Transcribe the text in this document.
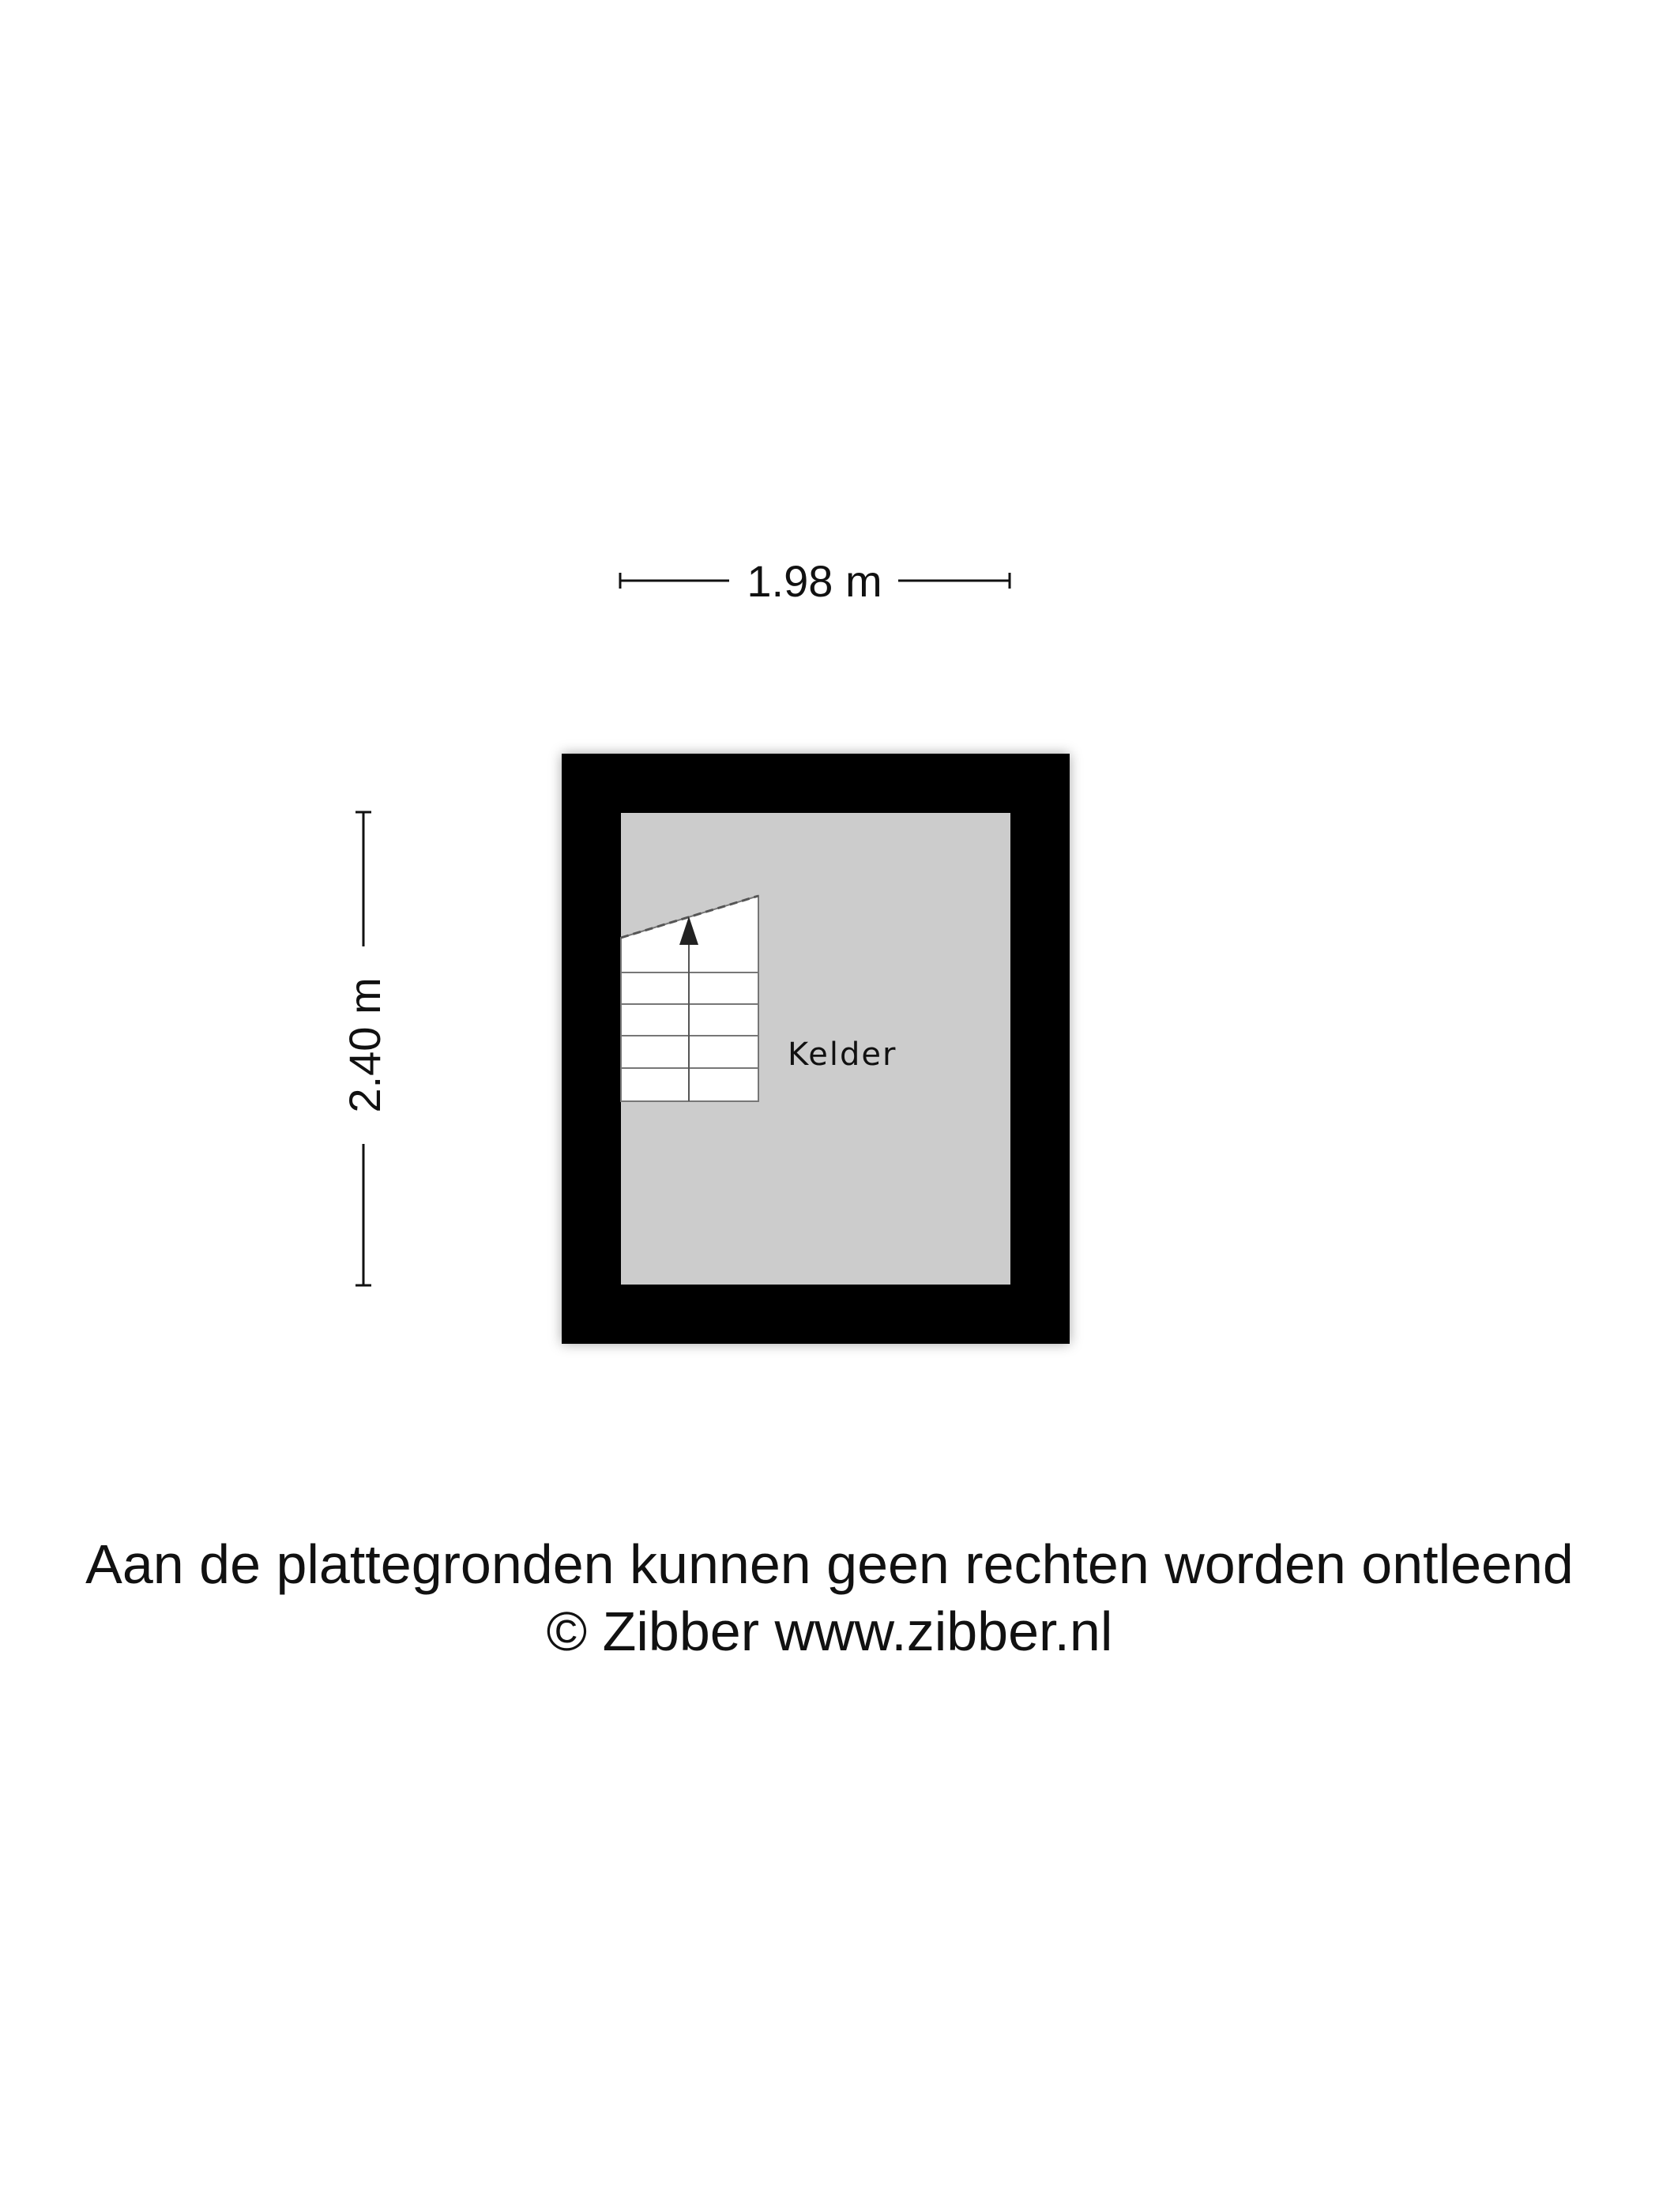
1.98 m
2.40 m	Kelder
Aan de plattegronden kunnen geen rechten worden ontleend
© Zibber www.zibber.nl
